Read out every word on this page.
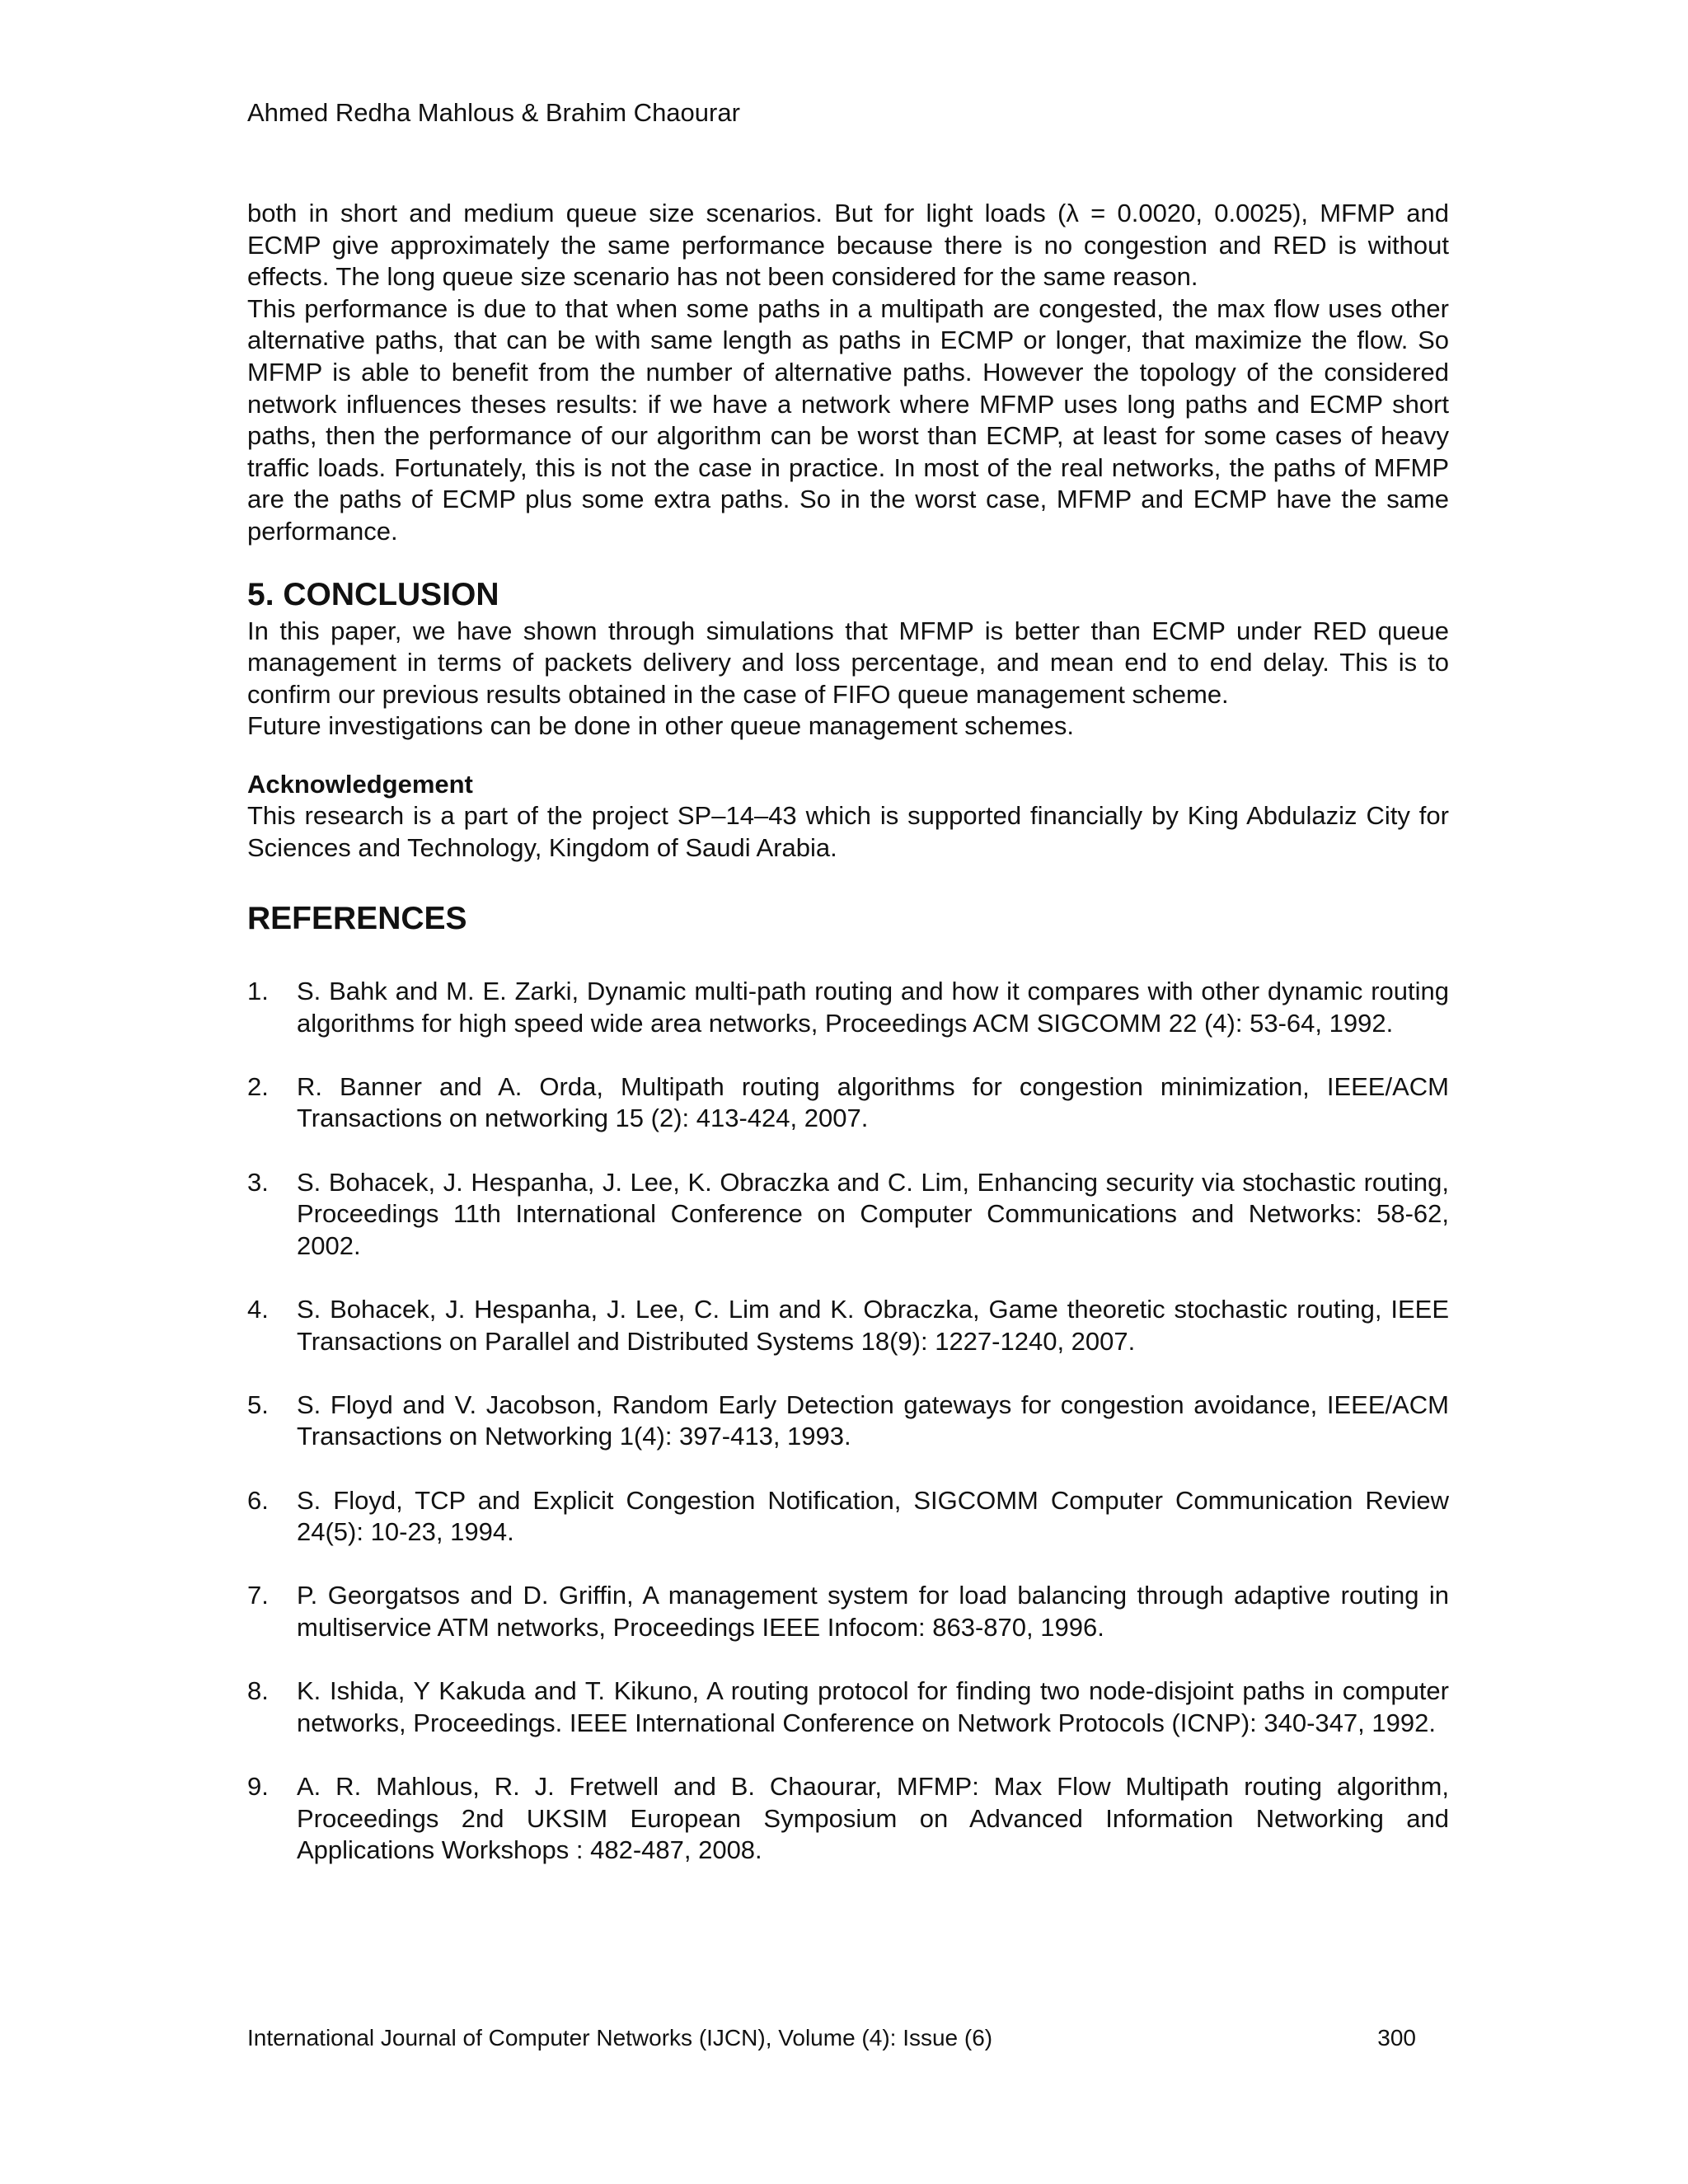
Ahmed Redha Mahlous & Brahim Chaourar

both in short and medium queue size scenarios. But for light loads (λ = 0.0020, 0.0025), MFMP and ECMP give approximately the same performance because there is no congestion and RED is without effects. The long queue size scenario has not been considered for the same reason.

This performance is due to that when some paths in a multipath are congested, the max flow uses other alternative paths, that can be with same length as paths in ECMP or longer, that maximize the flow. So MFMP is able to benefit from the number of alternative paths. However the topology of the considered network influences theses results: if we have a network where MFMP uses long paths and ECMP short paths, then the performance of our algorithm can be worst than ECMP, at least for some cases of heavy traffic loads. Fortunately, this is not the case in practice. In most of the real networks, the paths of MFMP are the paths of ECMP plus some extra paths. So in the worst case, MFMP and ECMP have the same performance.

5. CONCLUSION

In this paper, we have shown through simulations that MFMP is better than ECMP under RED queue management in terms of packets delivery and loss percentage, and mean end to end delay. This is to confirm our previous results obtained in the case of FIFO queue management scheme.

Future investigations can be done in other queue management schemes.

Acknowledgement

This research is a part of the project SP–14–43 which is supported financially by King Abdulaziz City for Sciences and Technology, Kingdom of Saudi Arabia.

REFERENCES
1. S. Bahk and M. E. Zarki, Dynamic multi-path routing and how it compares with other dynamic routing algorithms for high speed wide area networks, Proceedings ACM SIGCOMM 22 (4): 53-64, 1992.
2. R. Banner and A. Orda, Multipath routing algorithms for congestion minimization, IEEE/ACM Transactions on networking 15 (2): 413-424, 2007.
3. S. Bohacek, J. Hespanha, J. Lee, K. Obraczka and C. Lim, Enhancing security via stochastic routing, Proceedings 11th International Conference on Computer Communications and Networks: 58-62, 2002.
4. S. Bohacek, J. Hespanha, J. Lee, C. Lim and K. Obraczka, Game theoretic stochastic routing, IEEE Transactions on Parallel and Distributed Systems 18(9): 1227-1240, 2007.
5. S. Floyd and V. Jacobson, Random Early Detection gateways for congestion avoidance, IEEE/ACM Transactions on Networking 1(4): 397-413, 1993.
6. S. Floyd, TCP and Explicit Congestion Notification, SIGCOMM Computer Communication Review 24(5): 10-23, 1994.
7. P. Georgatsos and D. Griffin, A management system for load balancing through adaptive routing in multiservice ATM networks, Proceedings IEEE Infocom: 863-870, 1996.
8. K. Ishida, Y Kakuda and T. Kikuno, A routing protocol for finding two node-disjoint paths in computer networks, Proceedings. IEEE International Conference on Network Protocols (ICNP): 340-347, 1992.
9. A. R. Mahlous, R. J. Fretwell and B. Chaourar, MFMP: Max Flow Multipath routing algorithm, Proceedings 2nd UKSIM European Symposium on Advanced Information Networking and Applications Workshops : 482-487, 2008.
International Journal of Computer Networks (IJCN), Volume (4): Issue (6)	300
